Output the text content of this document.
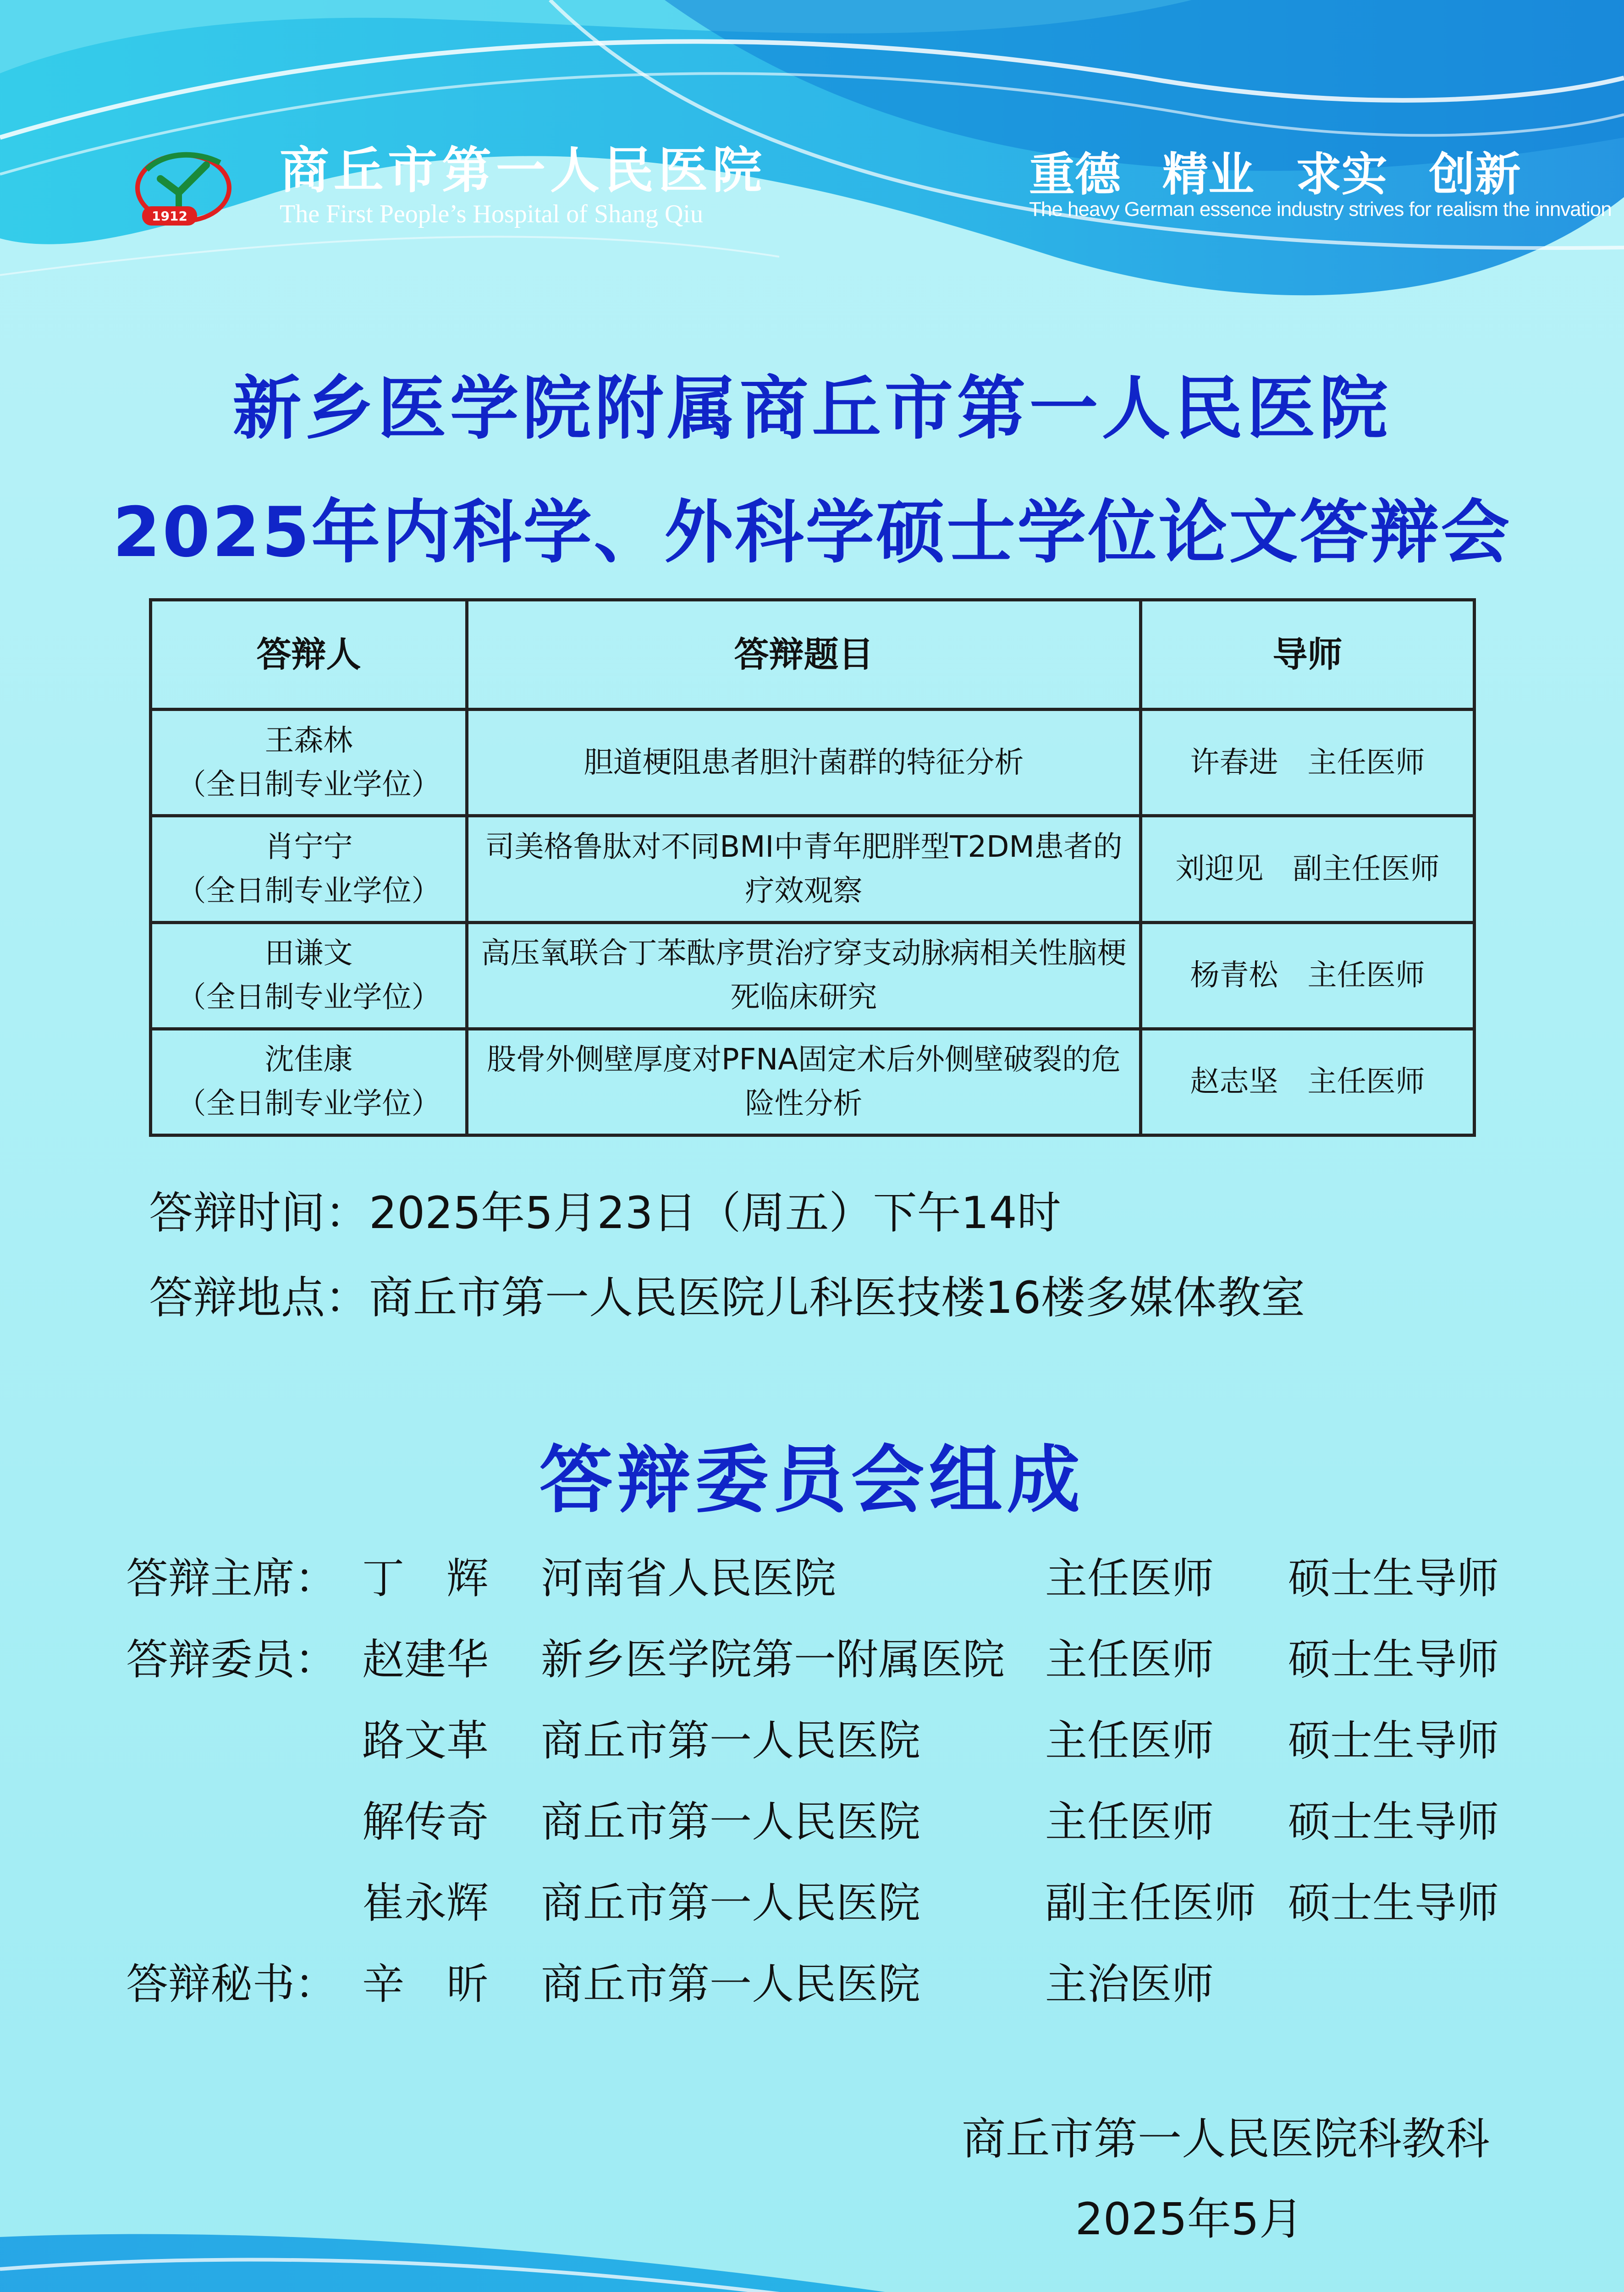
1912
商丘市第一人民医院
The First People’s Hospital of Shang Qiu
重德 精业 求实 创新
The heavy German essence industry strives for realism the innvation
新乡医学院附属商丘市第一人民医院
2025年内科学、外科学硕士学位论文答辩会
答辩人	答辩题目	导师

王森林
（全日制专业学位）	胆道梗阻患者胆汁菌群的特征分析	许春进　主任医师

肖宁宁
（全日制专业学位）	司美格鲁肽对不同BMI中青年肥胖型T2DM患者的疗效观察	刘迎见　副主任医师

田谦文
（全日制专业学位）	高压氧联合丁苯酞序贯治疗穿支动脉病相关性脑梗死临床研究	杨青松　主任医师

沈佳康
（全日制专业学位）	股骨外侧壁厚度对PFNA固定术后外侧壁破裂的危险性分析	赵志坚　主任医师
答辩时间：2025年5月23日（周五）下午14时
答辩地点：商丘市第一人民医院儿科医技楼16楼多媒体教室
答辩委员会组成
答辩主席： 丁　辉 河南省人民医院	主任医师 硕士生导师
答辩委员： 赵建华 新乡医学院第一附属医院 主任医师 硕士生导师
路文革 商丘市第一人民医院	主任医师 硕士生导师
解传奇 商丘市第一人民医院	主任医师 硕士生导师
崔永辉 商丘市第一人民医院	副主任医师 硕士生导师
答辩秘书： 辛　昕 商丘市第一人民医院	主治医师
商丘市第一人民医院科教科
2025年5月
